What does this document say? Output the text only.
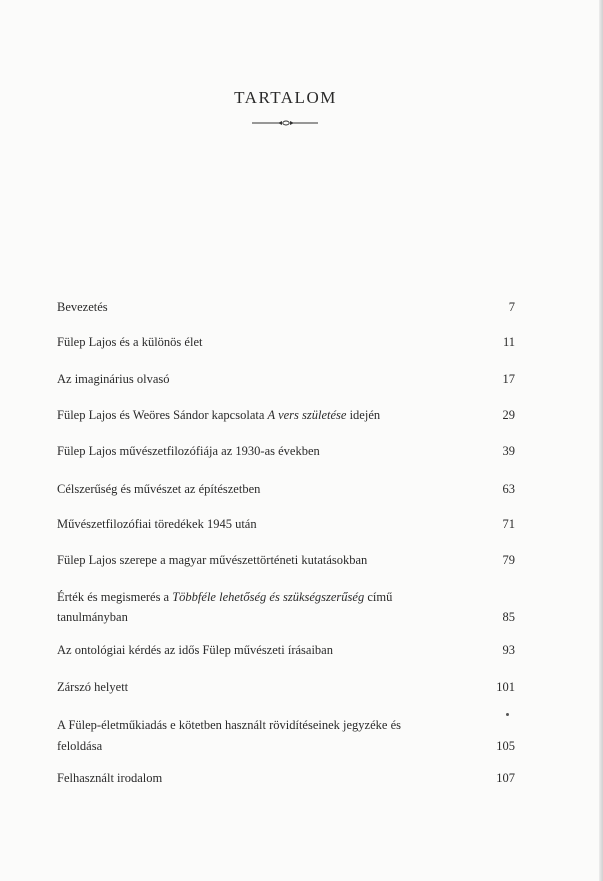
TARTALOM
Bevezetés	7
Fülep Lajos és a különös élet	11
Az imaginárius olvasó	17
Fülep Lajos és Weöres Sándor kapcsolata A vers születése idején	29
Fülep Lajos művészetfilozófiája az 1930-as években	39
Célszerűség és művészet az építészetben	63
Művészetfilozófiai töredékek 1945 után	71
Fülep Lajos szerepe a magyar művészettörténeti kutatásokban	79
Érték és megismerés a Többféle lehetőség és szükségszerűség című tanulmányban	85
Az ontológiai kérdés az idős Fülep művészeti írásaiban	93
Zárszó helyett	101
A Fülep-életműkiadás e kötetben használt rövidítéseinek jegyzéke és feloldása	105
Felhasznált irodalom	107
